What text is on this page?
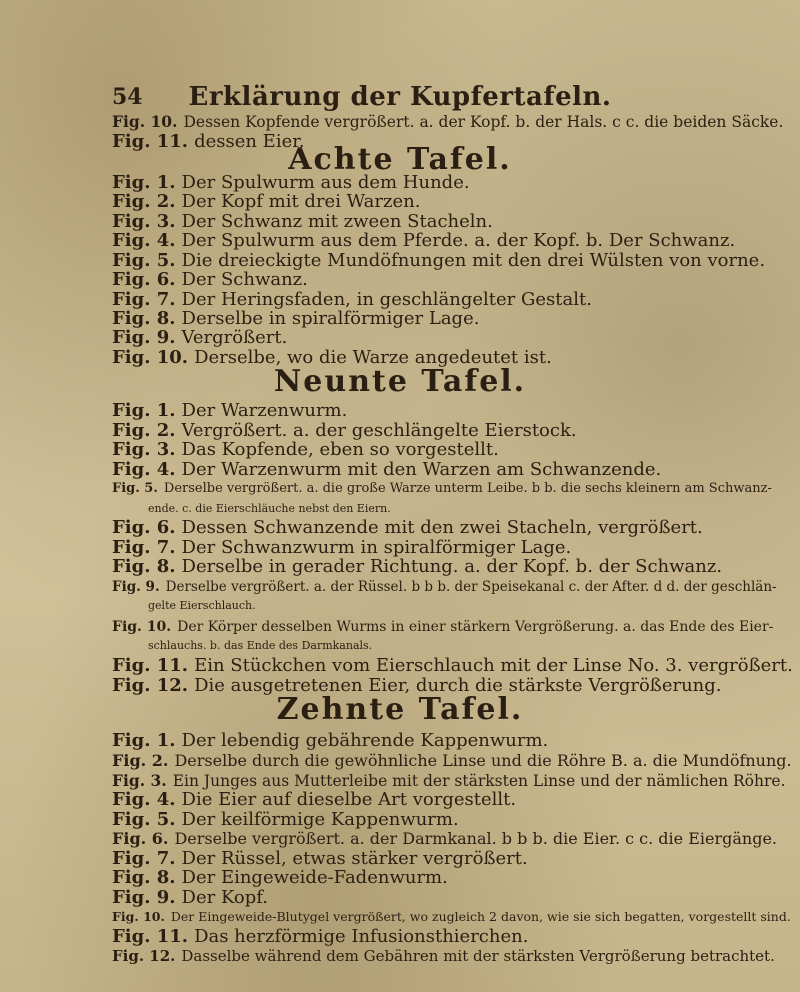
54	Erklärung der Kupfertafeln.
Fig. 10. Dessen Kopfende vergrößert. a. der Kopf. b. der Hals. c c. die beiden Säcke.
Fig. 11. dessen Eier.
Achte Tafel.
Fig. 1. Der Spulwurm aus dem Hunde.
Fig. 2. Der Kopf mit drei Warzen.
Fig. 3. Der Schwanz mit zween Stacheln.
Fig. 4. Der Spulwurm aus dem Pferde. a. der Kopf. b. Der Schwanz.
Fig. 5. Die dreieckigte Mundöfnungen mit den drei Wülsten von vorne.
Fig. 6. Der Schwanz.
Fig. 7. Der Heringsfaden, in geschlängelter Gestalt.
Fig. 8. Derselbe in spiralförmiger Lage.
Fig. 9. Vergrößert.
Fig. 10. Derselbe, wo die Warze angedeutet ist.
Neunte Tafel.
Fig. 1. Der Warzenwurm.
Fig. 2. Vergrößert. a. der geschlängelte Eierstock.
Fig. 3. Das Kopfende, eben so vorgestellt.
Fig. 4. Der Warzenwurm mit den Warzen am Schwanzende.
Fig. 5. Derselbe vergrößert. a. die große Warze unterm Leibe. b b. die sechs kleinern am Schwanz-
ende. c. die Eierschläuche nebst den Eiern.
Fig. 6. Dessen Schwanzende mit den zwei Stacheln, vergrößert.
Fig. 7. Der Schwanzwurm in spiralförmiger Lage.
Fig. 8. Derselbe in gerader Richtung. a. der Kopf. b. der Schwanz.
Fig. 9. Derselbe vergrößert. a. der Rüssel. b b b. der Speisekanal c. der After. d d. der geschlän-
gelte Eierschlauch.
Fig. 10. Der Körper desselben Wurms in einer stärkern Vergrößerung. a. das Ende des Eier-
schlauchs. b. das Ende des Darmkanals.
Fig. 11. Ein Stückchen vom Eierschlauch mit der Linse No. 3. vergrößert.
Fig. 12. Die ausgetretenen Eier, durch die stärkste Vergrößerung.
Zehnte Tafel.
Fig. 1. Der lebendig gebährende Kappenwurm.
Fig. 2. Derselbe durch die gewöhnliche Linse und die Röhre B. a. die Mundöfnung.
Fig. 3. Ein Junges aus Mutterleibe mit der stärksten Linse und der nämlichen Röhre.
Fig. 4. Die Eier auf dieselbe Art vorgestellt.
Fig. 5. Der keilförmige Kappenwurm.
Fig. 6. Derselbe vergrößert. a. der Darmkanal. b b b. die Eier. c c. die Eiergänge.
Fig. 7. Der Rüssel, etwas stärker vergrößert.
Fig. 8. Der Eingeweide-Fadenwurm.
Fig. 9. Der Kopf.
Fig. 10. Der Eingeweide-Blutygel vergrößert, wo zugleich 2 davon, wie sie sich begatten, vorgestellt sind.
Fig. 11. Das herzförmige Infusionsthierchen.
Fig. 12. Dasselbe während dem Gebähren mit der stärksten Vergrößerung betrachtet.
